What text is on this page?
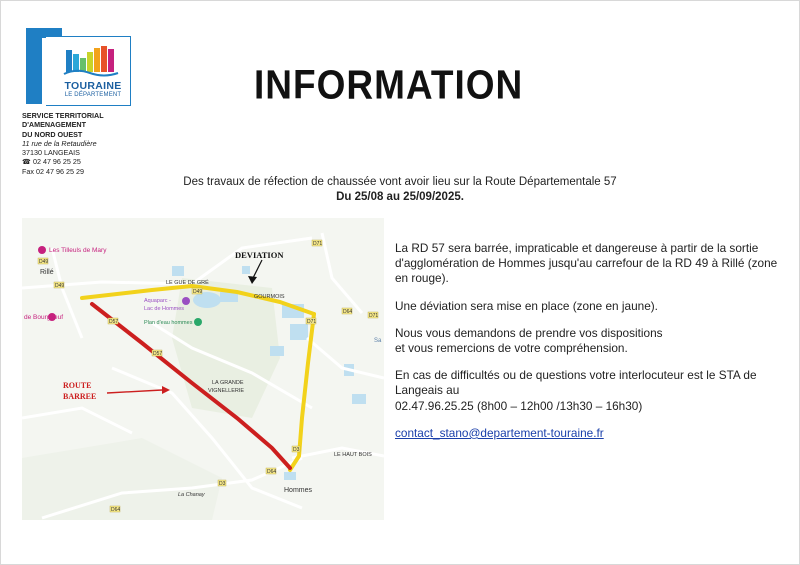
TOURAINE
LE DÉPARTEMENT
SERVICE TERRITORIAL
D'AMENAGEMENT
DU NORD OUEST
11 rue de la Retaudière
37130 LANGEAIS
☎ 02 47 96 25 25
Fax 02 47 96 25 29
INFORMATION
Des travaux de réfection de chaussée vont avoir lieu sur la Route Départementale 57
Du 25/08 au 25/09/2025.
D49
D49
D49
D57
D57
D71
D71
D71
D64
D64
D64
D3
D3
Les Tilleuls de Mary
Rillé
de Bourgneuf
LE GUE DE GRÉ
Aquaparc -
Lac de Hommes
Plan d'eau hommes
GOURMOIS
LA GRANDE
VIGNELLERIE
LE HAUT BOIS
Hommes
La Chanay
Sa
DEVIATION
ROUTE
BARREE

La RD 57 sera barrée, impraticable et dangereuse à partir de la sortie d'agglomération de Hommes jusqu'au carrefour de la RD 49 à Rillé (zone en rouge).

Une déviation sera mise en place (zone en jaune).

Nous vous demandons de prendre vos dispositions
et vous remercions de votre compréhension.

En cas de difficultés ou de questions votre interlocuteur est le STA de Langeais au
02.47.96.25.25 (8h00 – 12h00 /13h30 – 16h30)

contact_stano@departement-touraine.fr
